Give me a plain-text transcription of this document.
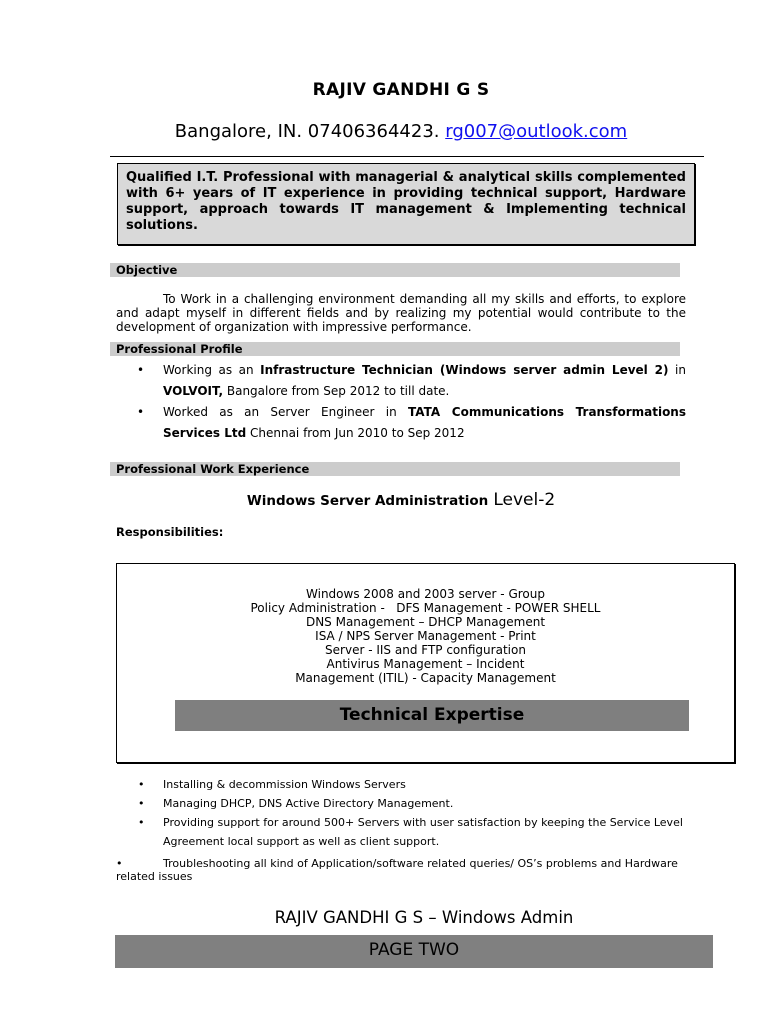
RAJIV GANDHI G S
Bangalore, IN. 07406364423. rg007@outlook.com
Qualified I.T. Professional with managerial & analytical skills complemented with 6+ years of IT experience in providing technical support, Hardware support, approach towards IT management & Implementing technical solutions.
Objective
To Work in a challenging environment demanding all my skills and efforts, to explore and adapt myself in different fields and by realizing my potential would contribute to the development of organization with impressive performance.
Professional Profile
• Working as an Infrastructure Technician (Windows server admin Level 2) in VOLVOIT, Bangalore from Sep 2012 to till date.
• Worked as an Server Engineer in TATA Communications Transformations Services Ltd Chennai from Jun 2010 to Sep 2012
Professional Work Experience
Windows Server Administration Level-2
Responsibilities:
Windows 2008 and 2003 server - Group
Policy Administration -   DFS Management - POWER SHELL
DNS Management – DHCP Management
ISA / NPS Server Management - Print
Server - IIS and FTP configuration
Antivirus Management – Incident
Management (ITIL) - Capacity Management
Technical Expertise
• Installing & decommission Windows Servers
• Managing DHCP, DNS Active Directory Management.
• Providing support for around 500+ Servers with user satisfaction by keeping the Service Level Agreement local support as well as client support.
•	Troubleshooting all kind of Application/software related queries/ OS’s problems and Hardware related issues
RAJIV GANDHI G S – Windows Admin
PAGE TWO
